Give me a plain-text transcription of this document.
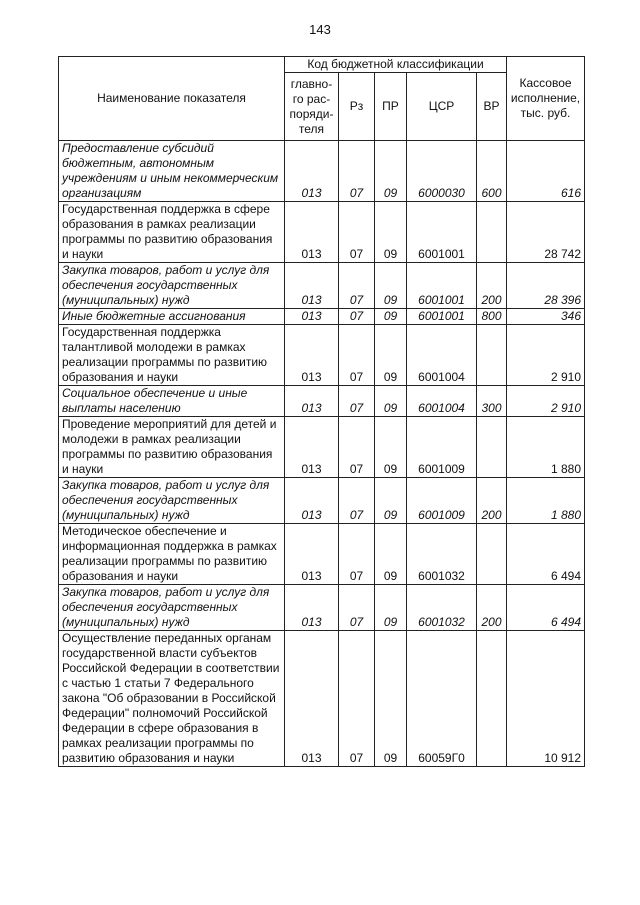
143
Наименование показателя	Код бюджетной классификации					Кассовое исполнение, тыс. руб.
	главно-го рас-поряди-теля	Рз	ПР	ЦСР	ВР	
Предоставление субсидий бюджетным, автономным учреждениям и иным некоммерческим организациям	013	07	09	6000030	600	616
Государственная поддержка в сфере образования в рамках реализации программы по развитию образования и науки	013	07	09	6001001		28 742
Закупка товаров, работ и услуг для обеспечения государственных (муниципальных) нужд	013	07	09	6001001	200	28 396
Иные бюджетные ассигнования	013	07	09	6001001	800	346
Государственная поддержка талантливой молодежи в рамках реализации программы по развитию образования и науки	013	07	09	6001004		2 910
Социальное обеспечение и иные выплаты населению	013	07	09	6001004	300	2 910
Проведение мероприятий для детей и молодежи в рамках реализации программы по развитию образования и науки	013	07	09	6001009		1 880
Закупка товаров, работ и услуг для обеспечения государственных (муниципальных) нужд	013	07	09	6001009	200	1 880
Методическое обеспечение и информационная поддержка в рамках реализации программы по развитию образования и науки	013	07	09	6001032		6 494
Закупка товаров, работ и услуг для обеспечения государственных (муниципальных) нужд	013	07	09	6001032	200	6 494
Осуществление переданных органам государственной власти субъектов Российской Федерации в соответствии с частью 1 статьи 7 Федерального закона "Об образовании в Российской Федерации" полномочий Российской Федерации в сфере образования в рамках реализации программы по развитию образования и науки	013	07	09	60059Г0		10 912
